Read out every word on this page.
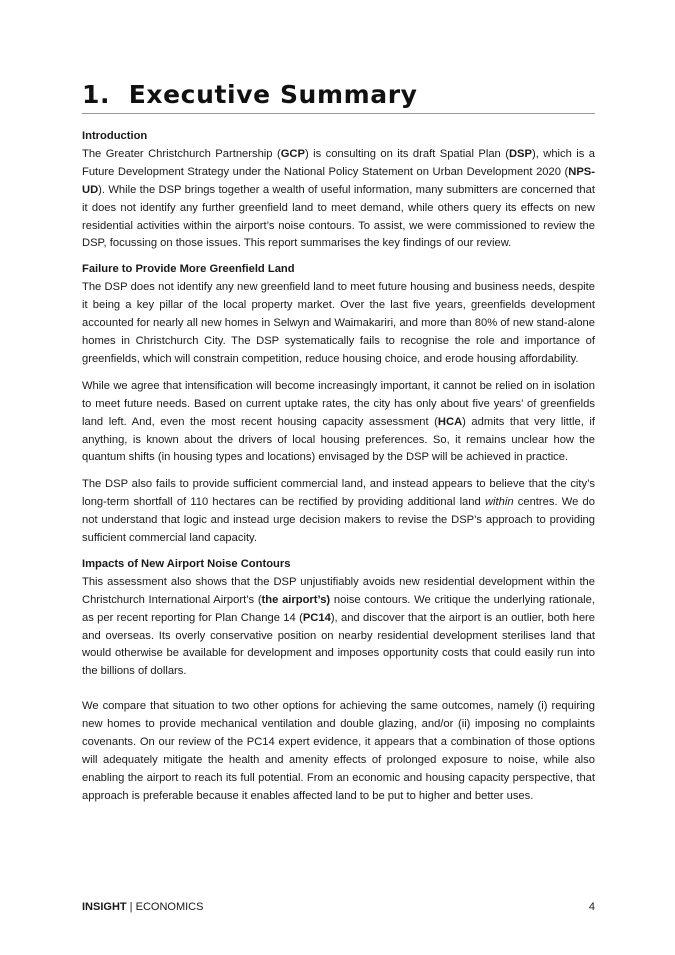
1. Executive Summary
Introduction

The Greater Christchurch Partnership (GCP) is consulting on its draft Spatial Plan (DSP), which is a Future Development Strategy under the National Policy Statement on Urban Development 2020 (NPS-UD). While the DSP brings together a wealth of useful information, many submitters are concerned that it does not identify any further greenfield land to meet demand, while others query its effects on new residential activities within the airport’s noise contours. To assist, we were commissioned to review the DSP, focussing on those issues. This report summarises the key findings of our review.

Failure to Provide More Greenfield Land

The DSP does not identify any new greenfield land to meet future housing and business needs, despite it being a key pillar of the local property market. Over the last five years, greenfields development accounted for nearly all new homes in Selwyn and Waimakariri, and more than 80% of new stand-alone homes in Christchurch City. The DSP systematically fails to recognise the role and importance of greenfields, which will constrain competition, reduce housing choice, and erode housing affordability.

While we agree that intensification will become increasingly important, it cannot be relied on in isolation to meet future needs. Based on current uptake rates, the city has only about five years’ of greenfields land left. And, even the most recent housing capacity assessment (HCA) admits that very little, if anything, is known about the drivers of local housing preferences. So, it remains unclear how the quantum shifts (in housing types and locations) envisaged by the DSP will be achieved in practice.

The DSP also fails to provide sufficient commercial land, and instead appears to believe that the city’s long-term shortfall of 110 hectares can be rectified by providing additional land within centres. We do not understand that logic and instead urge decision makers to revise the DSP’s approach to providing sufficient commercial land capacity.

Impacts of New Airport Noise Contours

This assessment also shows that the DSP unjustifiably avoids new residential development within the Christchurch International Airport’s (the airport’s) noise contours. We critique the underlying rationale, as per recent reporting for Plan Change 14 (PC14), and discover that the airport is an outlier, both here and overseas. Its overly conservative position on nearby residential development sterilises land that would otherwise be available for development and imposes opportunity costs that could easily run into the billions of dollars.

We compare that situation to two other options for achieving the same outcomes, namely (i) requiring new homes to provide mechanical ventilation and double glazing, and/or (ii) imposing no complaints covenants. On our review of the PC14 expert evidence, it appears that a combination of those options will adequately mitigate the health and amenity effects of prolonged exposure to noise, while also enabling the airport to reach its full potential. From an economic and housing capacity perspective, that approach is preferable because it enables affected land to be put to higher and better uses.

INSIGHT | ECONOMICS	4
